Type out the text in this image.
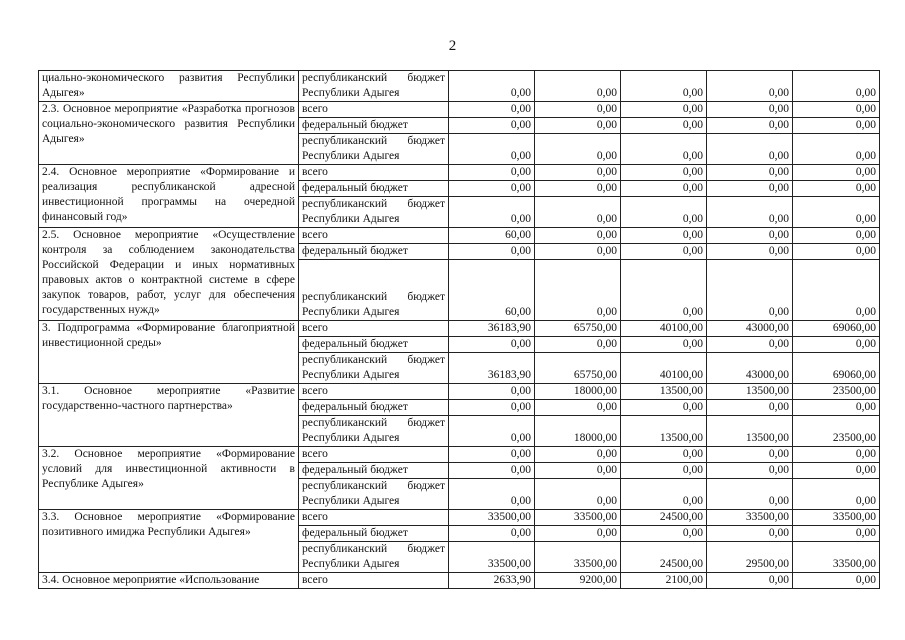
2
циально-экономического развития Республики Адыгея»	республиканский бюджет Республики Адыгея	0,00	0,00	0,00	0,00	0,00
2.3. Основное мероприятие «Разработка прогнозов социально-экономического развития Республики Адыгея»	всего	0,00	0,00	0,00	0,00	0,00
	федеральный бюджет	0,00	0,00	0,00	0,00	0,00
	республиканский бюджет Республики Адыгея	0,00	0,00	0,00	0,00	0,00
2.4. Основное мероприятие «Формирование и реализация республиканской адресной инвестиционной программы на очередной финансовый год»	всего	0,00	0,00	0,00	0,00	0,00
	федеральный бюджет	0,00	0,00	0,00	0,00	0,00
	республиканский бюджет Республики Адыгея	0,00	0,00	0,00	0,00	0,00
2.5. Основное мероприятие «Осуществление контроля за соблюдением законодательства Российской Федерации и иных нормативных правовых актов о контрактной системе в сфере закупок товаров, работ, услуг для обеспечения государственных нужд»	всего	60,00	0,00	0,00	0,00	0,00
	федеральный бюджет	0,00	0,00	0,00	0,00	0,00
	республиканский бюджет Республики Адыгея	60,00	0,00	0,00	0,00	0,00
3. Подпрограмма «Формирование благоприятной инвестиционной среды»	всего	36183,90	65750,00	40100,00	43000,00	69060,00
	федеральный бюджет	0,00	0,00	0,00	0,00	0,00
	республиканский бюджет Республики Адыгея	36183,90	65750,00	40100,00	43000,00	69060,00
3.1. Основное мероприятие «Развитие государственно-частного партнерства»	всего	0,00	18000,00	13500,00	13500,00	23500,00
	федеральный бюджет	0,00	0,00	0,00	0,00	0,00
	республиканский бюджет Республики Адыгея	0,00	18000,00	13500,00	13500,00	23500,00
3.2. Основное мероприятие «Формирование условий для инвестиционной активности в Республике Адыгея»	всего	0,00	0,00	0,00	0,00	0,00
	федеральный бюджет	0,00	0,00	0,00	0,00	0,00
	республиканский бюджет Республики Адыгея	0,00	0,00	0,00	0,00	0,00
3.3. Основное мероприятие «Формирование позитивного имиджа Республики Адыгея»	всего	33500,00	33500,00	24500,00	33500,00	33500,00
	федеральный бюджет	0,00	0,00	0,00	0,00	0,00
	республиканский бюджет Республики Адыгея	33500,00	33500,00	24500,00	29500,00	33500,00
3.4. Основное мероприятие «Использование	всего	2633,90	9200,00	2100,00	0,00	0,00
